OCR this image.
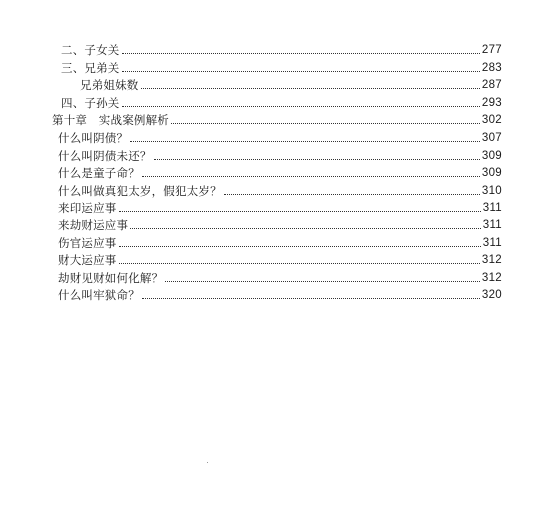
二、子女关	277
三、兄弟关	283
兄弟姐妹数	287
四、子孙关	293
第十章　实战案例解析	302
什么叫阴债？	307
什么叫阴债未还？	309
什么是童子命？	309
什么叫做真犯太岁，假犯太岁？	310
来印运应事	311
来劫财运应事	311
伤官运应事	311
财大运应事	312
劫财见财如何化解？	312
什么叫牢狱命？	320
